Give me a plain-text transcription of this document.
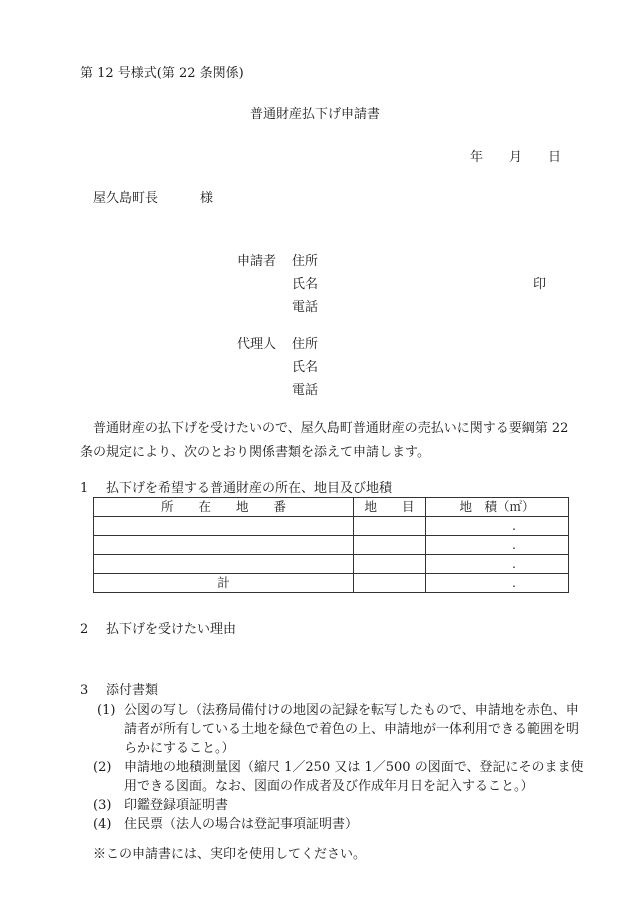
第 12 号様式(第 22 条関係)
普通財産払下げ申請書
年 月 日
屋久島町長	様
申請者 住所
氏名	印
電話
代理人 住所
氏名
電話
普通財産の払下げを受けたいので、屋久島町普通財産の売払いに関する要綱第 22 条の規定により、次のとおり関係書類を添えて申請します。
1 払下げを希望する普通財産の所在、地目及び地積
所　　在　　地　　番	地　　目	地　積（㎡）
		.
		.
		.
計		.
2 払下げを受けたい理由
3 添付書類
(1) 公図の写し（法務局備付けの地図の記録を転写したもので、申請地を赤色、申請者が所有している土地を緑色で着色の上、申請地が一体利用できる範囲を明らかにすること。）
(2) 申請地の地積測量図（縮尺 1／250 又は 1／500 の図面で、登記にそのまま使用できる図面。なお、図面の作成者及び作成年月日を記入すること。）
(3) 印鑑登録項証明書
(4) 住民票（法人の場合は登記事項証明書）
※この申請書には、実印を使用してください。
